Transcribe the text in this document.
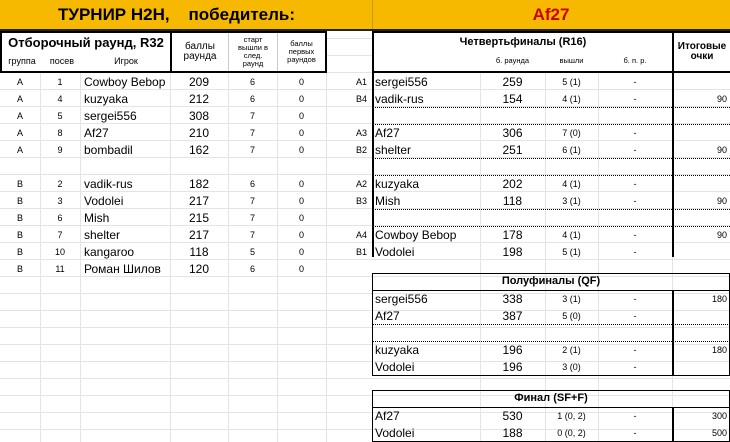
ТУРНИР H2H,    победитель:	Af27
Отборочный раунд, R32
группа	посев	Игрок
баллы раунда
старт вышли в след. раунд
баллы первых раундов
Четвертьфиналы (R16)
б. раунда	вышли	б. п. р.
Итоговые очки
Полуфиналы (QF)
Финал (SF+F)
A	1	Cowboy Bebop	209	6	0
A	4	kuzyaka	212	6	0
A	5	sergei556	308	7	0
A	8	Af27	210	7	0
A	9	bombadil	162	7	0
B	2	vadik-rus	182	6	0
B	3	Vodolei	217	7	0
B	6	Mish	215	7	0
B	7	shelter	217	7	0
B	10	kangaroo	118	5	0
B	11	Роман Шилов	120	6	0
A1 sergei556	259	5 (1)	-
B4 vadik-rus	154	4 (1)	-	90
A3 Af27	306	7 (0)	-
B2 shelter	251	6 (1)	-	90
A2 kuzyaka	202	4 (1)	-
B3 Mish	118	3 (1)	-	90
A4 Cowboy Bebop	178	4 (1)	-	90
B1 Vodolei	198	5 (1)	-
sergei556	338	3 (1)	-	180
Af27	387	5 (0)	-
kuzyaka	196	2 (1)	-	180
Vodolei	196	3 (0)	-
Af27	530	1 (0, 2)	-	300
Vodolei	188	0 (0, 2)	-	500
